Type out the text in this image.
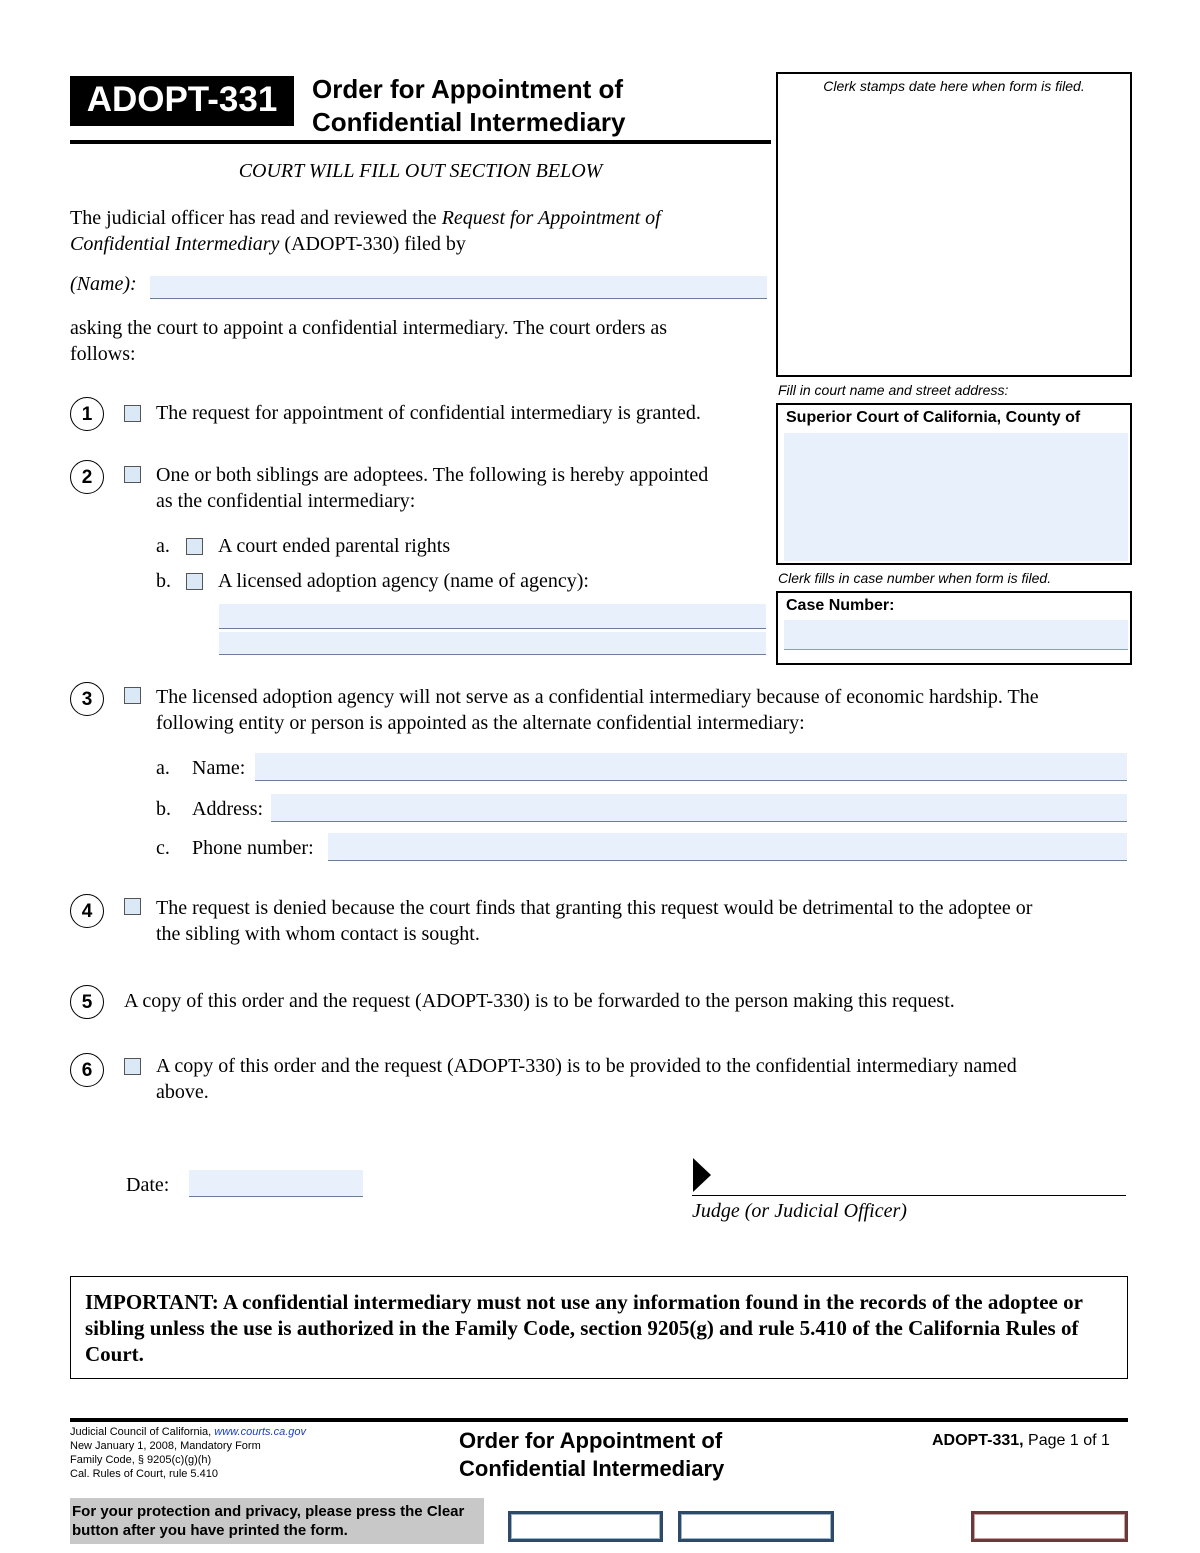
ADOPT-331	Order for Appointment of
Confidential Intermediary
Clerk stamps date here when form is filed.
Fill in court name and street address:
Superior Court of California, County of
Clerk fills in case number when form is filed.
Case Number:
COURT WILL FILL OUT SECTION BELOW
The judicial officer has read and reviewed the Request for Appointment of
Confidential Intermediary (ADOPT-330) filed by
(Name):
asking the court to appoint a confidential intermediary. The court orders as
follows:
1	The request for appointment of confidential intermediary is granted.
2	One or both siblings are adoptees. The following is hereby appointed
as the confidential intermediary:
a. A court ended parental rights
b. A licensed adoption agency (name of agency):
3	The licensed adoption agency will not serve as a confidential intermediary because of economic hardship. The
following entity or person is appointed as the alternate confidential intermediary:
a. Name:
b. Address:
c. Phone number:
4	The request is denied because the court finds that granting this request would be detrimental to the adoptee or
the sibling with whom contact is sought.
5	A copy of this order and the request (ADOPT-330) is to be forwarded to the person making this request.
6	A copy of this order and the request (ADOPT-330) is to be provided to the confidential intermediary named
above.
Date:
Judge (or Judicial Officer)
IMPORTANT: A confidential intermediary must not use any information found in the records of the adoptee or sibling unless the use is authorized in the Family Code, section 9205(g) and rule 5.410 of the California Rules of Court.
Judicial Council of California, www.courts.ca.gov
New January 1, 2008, Mandatory Form
Family Code, § 9205(c)(g)(h)
Cal. Rules of Court, rule 5.410
Order for Appointment of
Confidential Intermediary
ADOPT-331, Page 1 of 1
For your protection and privacy, please press the Clear button after you have printed the form.
